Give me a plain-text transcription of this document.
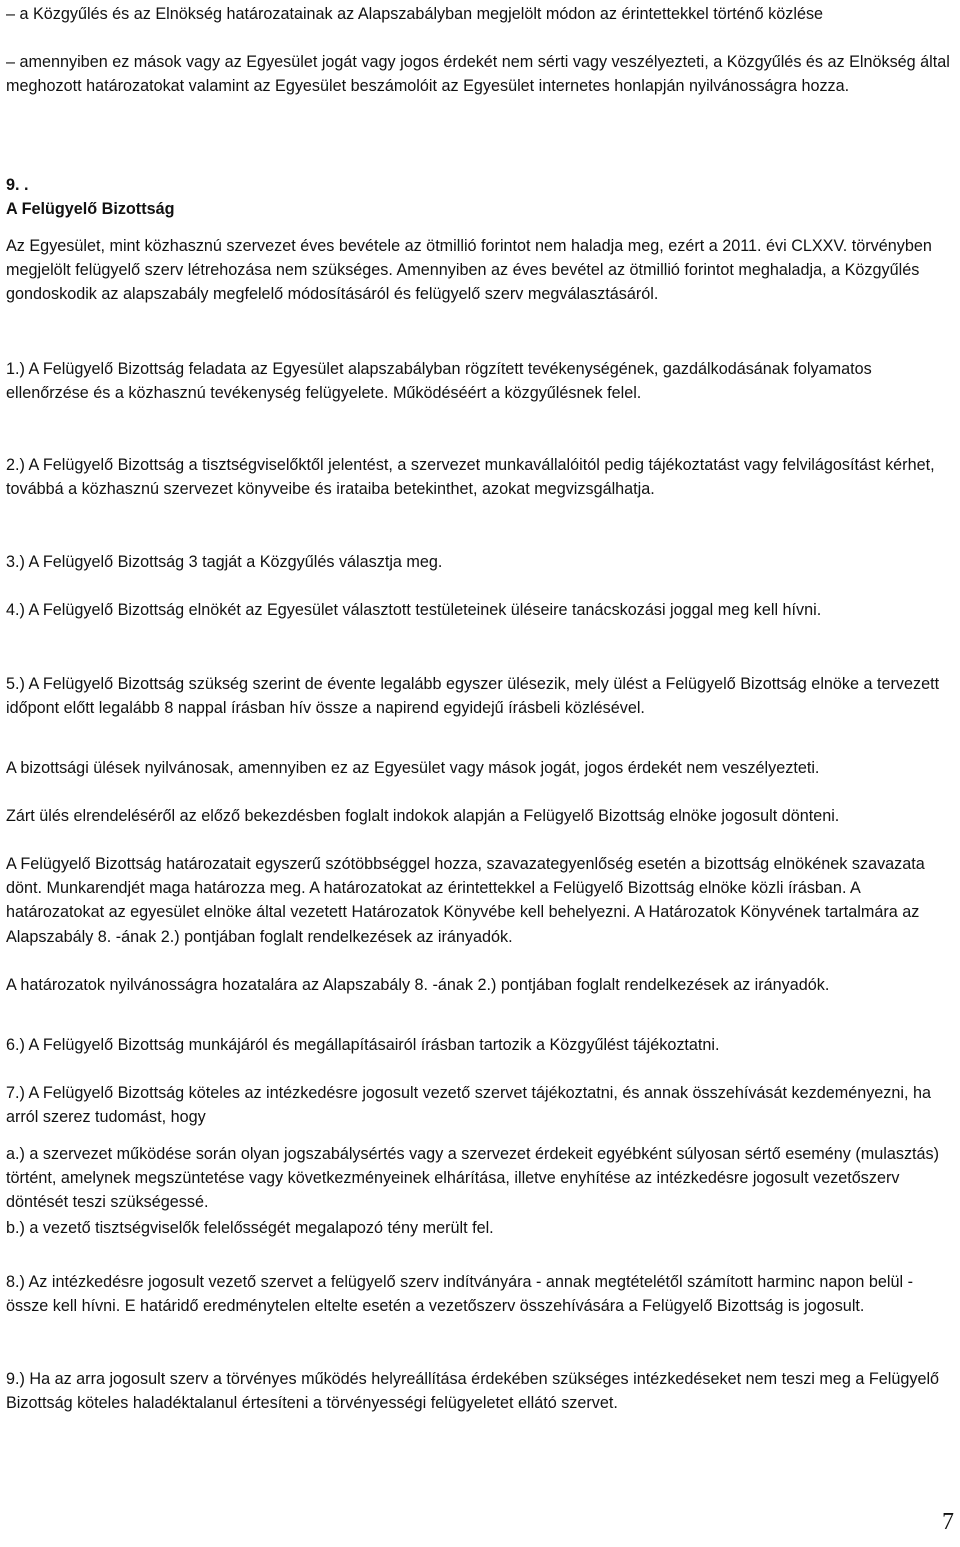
– a Közgyűlés és az Elnökség határozatainak az Alapszabályban megjelölt módon az érintettekkel történő közlése

– amennyiben ez mások vagy az Egyesület jogát vagy jogos érdekét nem sérti vagy veszélyezteti, a Közgyűlés és az Elnökség által meghozott határozatokat valamint az Egyesület beszámolóit az Egyesület internetes honlapján nyilvánosságra hozza.

9. .

A Felügyelő Bizottság

Az Egyesület, mint közhasznú szervezet éves bevétele az ötmillió forintot nem haladja meg, ezért a 2011. évi CLXXV. törvényben megjelölt felügyelő szerv létrehozása nem szükséges. Amennyiben az éves bevétel az ötmillió forintot meghaladja, a Közgyűlés gondoskodik az alapszabály megfelelő módosításáról és felügyelő szerv megválasztásáról.

1.) A Felügyelő Bizottság feladata az Egyesület alapszabályban rögzített tevékenységének, gazdálkodásának folyamatos ellenőrzése és a közhasznú tevékenység felügyelete. Működéséért a közgyűlésnek felel.

2.) A Felügyelő Bizottság a tisztségviselőktől jelentést, a szervezet munkavállalóitól pedig tájékoztatást vagy felvilágosítást kérhet, továbbá a közhasznú szervezet könyveibe és irataiba betekinthet, azokat megvizsgálhatja.

3.) A Felügyelő Bizottság 3 tagját a Közgyűlés választja meg.

4.) A Felügyelő Bizottság elnökét az Egyesület választott testületeinek üléseire tanácskozási joggal meg kell hívni.

5.) A Felügyelő Bizottság szükség szerint de évente legalább egyszer ülésezik, mely ülést a Felügyelő Bizottság elnöke a tervezett időpont előtt legalább 8 nappal írásban hív össze a napirend egyidejű írásbeli közlésével.

A bizottsági ülések nyilvánosak, amennyiben ez az Egyesület vagy mások jogát, jogos érdekét nem veszélyezteti.

Zárt ülés elrendeléséről az előző bekezdésben foglalt indokok alapján a Felügyelő Bizottság elnöke jogosult dönteni.

A Felügyelő Bizottság határozatait egyszerű szótöbbséggel hozza, szavazategyenlőség esetén a bizottság elnökének szavazata dönt. Munkarendjét maga határozza meg. A határozatokat az érintettekkel a Felügyelő Bizottság elnöke közli írásban. A határozatokat az egyesület elnöke által vezetett Határozatok Könyvébe kell behelyezni. A Határozatok Könyvének tartalmára az Alapszabály 8. -ának 2.) pontjában foglalt rendelkezések az irányadók.

A határozatok nyilvánosságra hozatalára az Alapszabály 8. -ának 2.) pontjában foglalt rendelkezések az irányadók.

6.) A Felügyelő Bizottság munkájáról és megállapításairól írásban tartozik a Közgyűlést tájékoztatni.

7.) A Felügyelő Bizottság köteles az intézkedésre jogosult vezető szervet tájékoztatni, és annak összehívását kezdeményezni, ha arról szerez tudomást, hogy

a.) a szervezet működése során olyan jogszabálysértés vagy a szervezet érdekeit egyébként súlyosan sértő esemény (mulasztás) történt, amelynek megszüntetése vagy következményeinek elhárítása, illetve enyhítése az intézkedésre jogosult vezetőszerv döntését teszi szükségessé.

b.) a vezető tisztségviselők felelősségét megalapozó tény merült fel.

8.) Az intézkedésre jogosult vezető szervet a felügyelő szerv indítványára - annak megtételétől számított harminc napon belül - össze kell hívni. E határidő eredménytelen eltelte esetén a vezetőszerv összehívására a Felügyelő Bizottság is jogosult.

9.) Ha az arra jogosult szerv a törvényes működés helyreállítása érdekében szükséges intézkedéseket nem teszi meg a Felügyelő Bizottság köteles haladéktalanul értesíteni a törvényességi felügyeletet ellátó szervet.

7
